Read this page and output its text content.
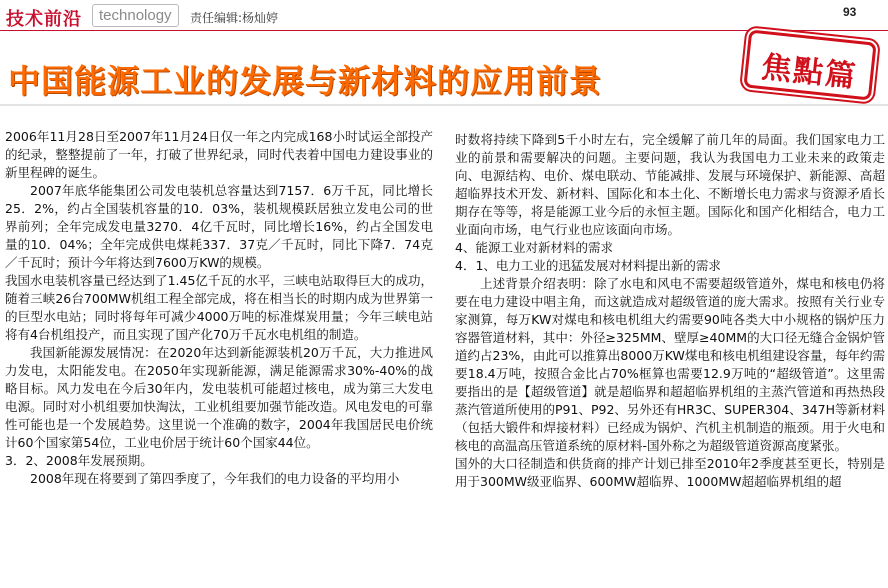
技术前沿	technology	责任编辑:杨灿婷	93
中国能源工业的发展与新材料的应用前景	焦點篇

2006年11月28日至2007年11月24日仅一年之内完成168小时试运全部投产的纪录，整整提前了一年，打破了世界纪录，同时代表着中国电力建设事业的新里程碑的诞生。

2007年底华能集团公司发电装机总容量达到7157．6万千瓦，同比增长25．2%，约占全国装机容量的10．03%，装机规模跃居独立发电公司的世界前列；全年完成发电量3270．4亿千瓦时，同比增长16%，约占全国发电量的10．04%；全年完成供电煤耗337．37克／千瓦时，同比下降7．74克／千瓦时；预计今年将达到7600万KW的规模。

我国水电装机容量已经达到了1.45亿千瓦的水平，三峡电站取得巨大的成功，随着三峡26台700MW机组工程全部完成，将在相当长的时期内成为世界第一的巨型水电站；同时将每年可减少4000万吨的标准煤炭用量；今年三峡电站将有4台机组投产，而且实现了国产化70万千瓦水电机组的制造。

我国新能源发展情况：在2020年达到新能源装机20万千瓦，大力推进风力发电，太阳能发电。在2050年实现新能源，满足能源需求30%-40%的战略目标。风力发电在今后30年内，发电装机可能超过核电，成为第三大发电电源。同时对小机组要加快淘汰，工业机组要加强节能改造。风电发电的可靠性可能也是一个发展趋势。这里说一个准确的数字，2004年我国居民电价统计60个国家第54位，工业电价居于统计60个国家44位。

3．2、2008年发展预期。

2008年现在将要到了第四季度了，今年我们的电力设备的平均用小

时数将持续下降到5千小时左右，完全缓解了前几年的局面。我们国家电力工业的前景和需要解决的问题。主要问题，我认为我国电力工业未来的政策走向、电源结构、电价、煤电联动、节能减排、发展与环境保护、新能源、高超超临界技术开发、新材料、国际化和本土化、不断增长电力需求与资源矛盾长期存在等等，将是能源工业今后的永恒主题。国际化和国产化相结合，电力工业面向市场，电气行业也应该面向市场。

4、能源工业对新材料的需求

4．1、电力工业的迅猛发展对材料提出新的需求

上述背景介绍表明：除了水电和风电不需要超级管道外，煤电和核电仍将要在电力建设中唱主角，而这就造成对超级管道的庞大需求。按照有关行业专家测算，每万KW对煤电和核电机组大约需要90吨各类大中小规格的锅炉压力容器管道材料，其中：外径≥325MM、壁厚≥40MM的大口径无缝合金锅炉管道约占23%，由此可以推算出8000万KW煤电和核电机组建设容量，每年约需要18.4万吨，按照合金比占70%框算也需要12.9万吨的“超级管道”。这里需要指出的是【超级管道】就是超临界和超超临界机组的主蒸汽管道和再热热段蒸汽管道所使用的P91、P92、另外还有HR3C、SUPER304、347H等新材料（包括大锻件和焊接材料）已经成为锅炉、汽机主机制造的瓶颈。用于火电和核电的高温高压管道系统的原材料-国外称之为超级管道资源高度紧张。

国外的大口径制造和供货商的排产计划已排至2010年2季度甚至更长，特别是用于300MW级亚临界、600MW超临界、1000MW超超临界机组的超
